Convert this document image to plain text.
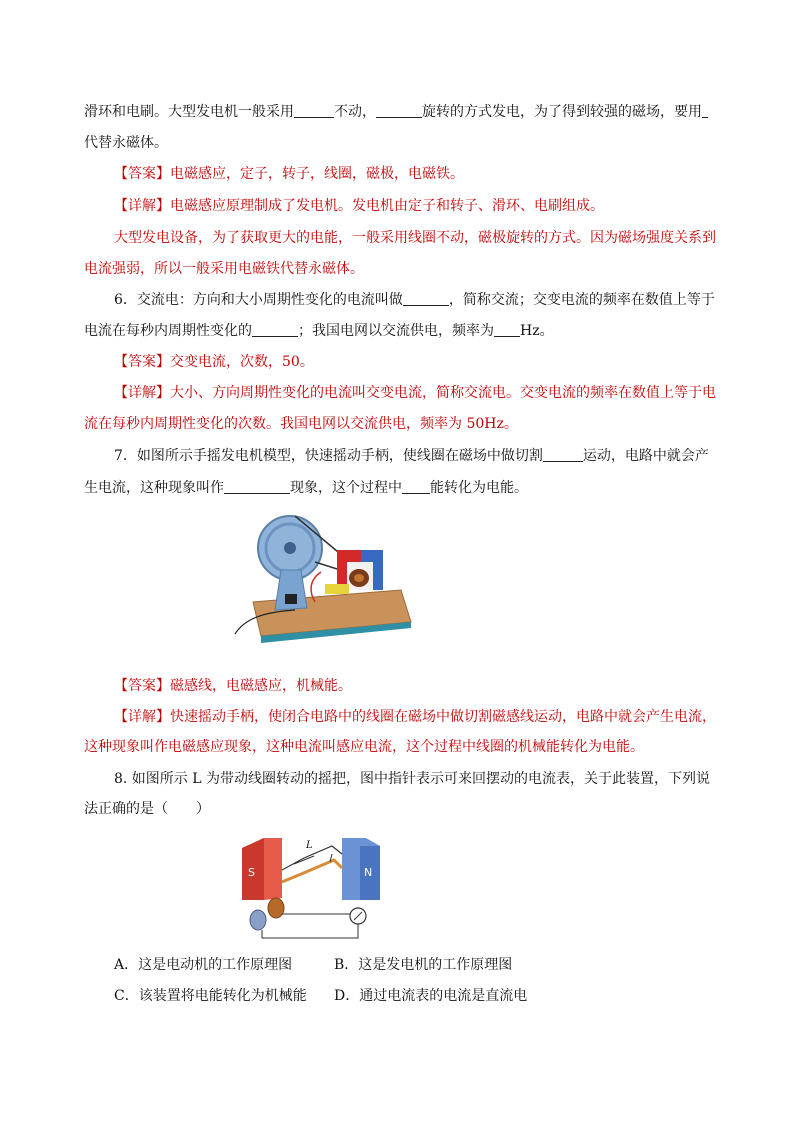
滑环和电刷。大型发电机一般采用	不动，	旋转的方式发电，为了得到较强的磁场，要用
代替永磁体。
【答案】电磁感应，定子，转子，线圈，磁极，电磁铁。
【详解】电磁感应原理制成了发电机。发电机由定子和转子、滑环、电刷组成。
大型发电设备，为了获取更大的电能，一般采用线圈不动，磁极旋转的方式。因为磁场强度关系到
电流强弱，所以一般采用电磁铁代替永磁体。
6．交流电：方向和大小周期性变化的电流叫做	，简称交流；交变电流的频率在数值上等于
电流在每秒内周期性变化的	；我国电网以交流供电，频率为 Hz。
【答案】交变电流，次数，50。
【详解】大小、方向周期性变化的电流叫交变电流，简称交流电。交变电流的频率在数值上等于电
流在每秒内周期性变化的次数。我国电网以交流供电，频率为 50Hz。
7．如图所示手摇发电机模型，快速摇动手柄，使线圈在磁场中做切割	运动，电路中就会产
生电流，这种现象叫作	现象，这个过程中 能转化为电能。
【答案】磁感线，电磁感应，机械能。
【详解】快速摇动手柄，使闭合电路中的线圈在磁场中做切割磁感线运动，电路中就会产生电流，
这种现象叫作电磁感应现象，这种电流叫感应电流，这个过程中线圈的机械能转化为电能。
8. 如图所示 L 为带动线圈转动的摇把，图中指针表示可来回摆动的电流表，关于此装置，下列说
法正确的是（　　）
S	N
L
A．这是电动机的工作原理图	B．这是发电机的工作原理图
C．该装置将电能转化为机械能 D．通过电流表的电流是直流电
